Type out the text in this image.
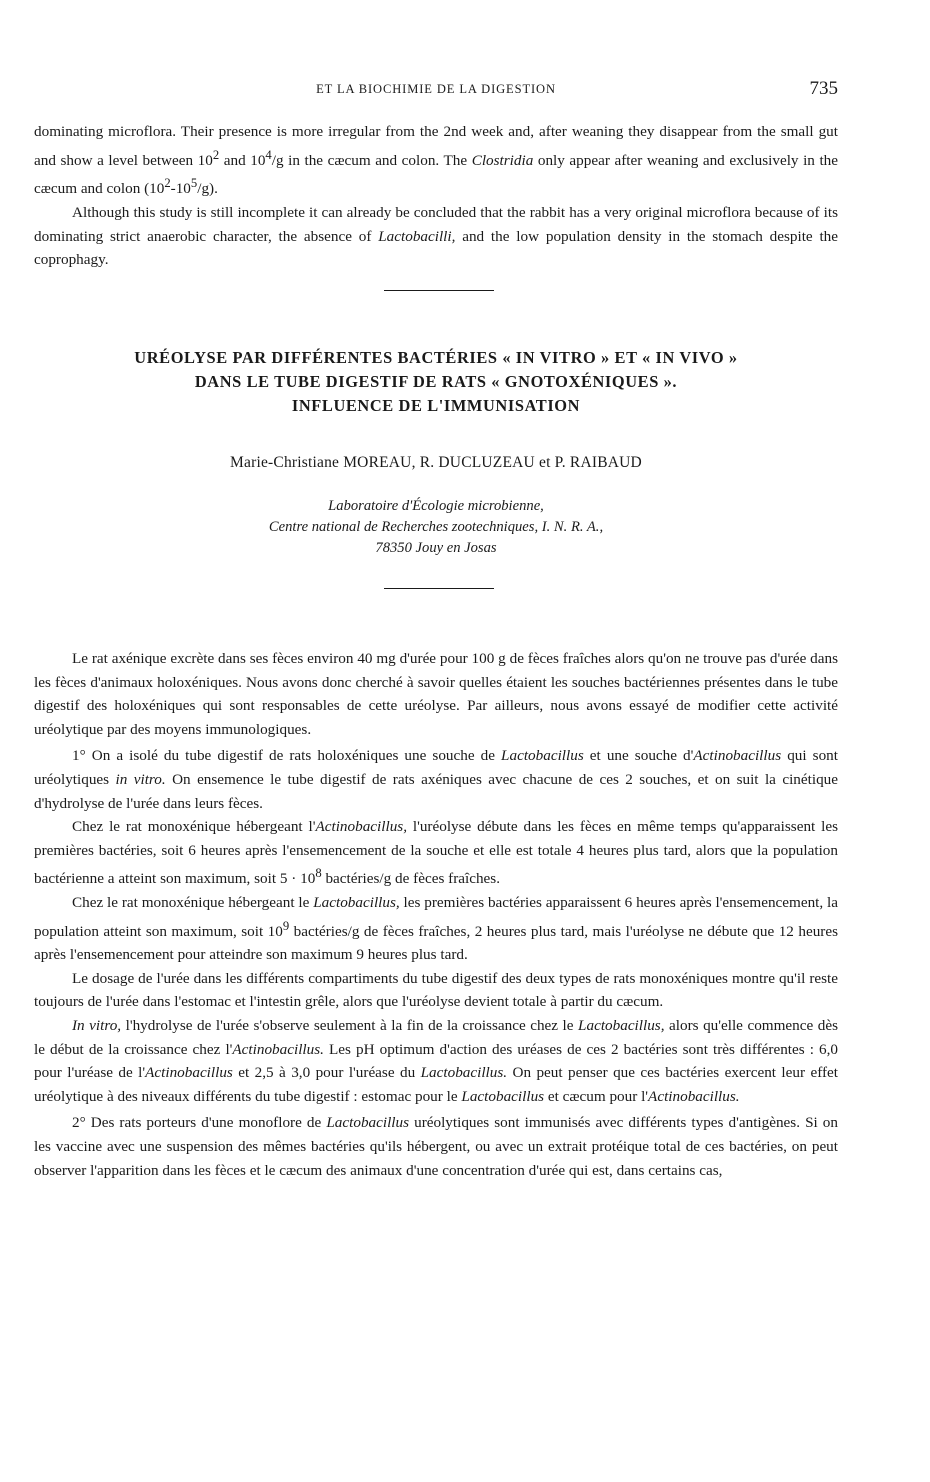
ET LA BIOCHIMIE DE LA DIGESTION	735

dominating microflora. Their presence is more irregular from the 2nd week and, after weaning they disappear from the small gut and show a level between $10^2$ and $10^4/g$ in the cæcum and colon. The Clostridia only appear after weaning and exclusively in the cæcum and colon $(10^2-10^5/g)$.

Although this study is still incomplete it can already be concluded that the rabbit has a very original microflora because of its dominating strict anaerobic character, the absence of Lactobacilli, and the low population density in the stomach despite the coprophagy.

URÉOLYSE PAR DIFFÉRENTES BACTÉRIES « IN VITRO » ET « IN VIVO »
DANS LE TUBE DIGESTIF DE RATS « GNOTOXÉNIQUES ».
INFLUENCE DE L'IMMUNISATION
Marie-Christiane MOREAU, R. DUCLUZEAU et P. RAIBAUD
Laboratoire d'Écologie microbienne,
Centre national de Recherches zootechniques, I. N. R. A.,
78350 Jouy en Josas

Le rat axénique excrète dans ses fèces environ 40 mg d'urée pour 100 g de fèces fraîches alors qu'on ne trouve pas d'urée dans les fèces d'animaux holoxéniques. Nous avons donc cherché à savoir quelles étaient les souches bactériennes présentes dans le tube digestif des holoxéniques qui sont responsables de cette uréolyse. Par ailleurs, nous avons essayé de modifier cette activité uréolytique par des moyens immunologiques.

1° On a isolé du tube digestif de rats holoxéniques une souche de Lactobacillus et une souche d'Actinobacillus qui sont uréolytiques in vitro. On ensemence le tube digestif de rats axéniques avec chacune de ces 2 souches, et on suit la cinétique d'hydrolyse de l'urée dans leurs fèces.

Chez le rat monoxénique hébergeant l'Actinobacillus, l'uréolyse débute dans les fèces en même temps qu'apparaissent les premières bactéries, soit 6 heures après l'ensemencement de la souche et elle est totale 4 heures plus tard, alors que la population bactérienne a atteint son maximum, soit $5 \cdot 10^8$ bactéries/g de fèces fraîches.

Chez le rat monoxénique hébergeant le Lactobacillus, les premières bactéries apparaissent 6 heures après l'ensemencement, la population atteint son maximum, soit $10^9$ bactéries/g de fèces fraîches, 2 heures plus tard, mais l'uréolyse ne débute que 12 heures après l'ensemencement pour atteindre son maximum 9 heures plus tard.

Le dosage de l'urée dans les différents compartiments du tube digestif des deux types de rats monoxéniques montre qu'il reste toujours de l'urée dans l'estomac et l'intestin grêle, alors que l'uréolyse devient totale à partir du cæcum.

In vitro, l'hydrolyse de l'urée s'observe seulement à la fin de la croissance chez le Lactobacillus, alors qu'elle commence dès le début de la croissance chez l'Actinobacillus. Les pH optimum d'action des uréases de ces 2 bactéries sont très différentes : 6,0 pour l'uréase de l'Actinobacillus et 2,5 à 3,0 pour l'uréase du Lactobacillus. On peut penser que ces bactéries exercent leur effet uréolytique à des niveaux différents du tube digestif : estomac pour le Lactobacillus et cæcum pour l'Actinobacillus.

2° Des rats porteurs d'une monoflore de Lactobacillus uréolytiques sont immunisés avec différents types d'antigènes. Si on les vaccine avec une suspension des mêmes bactéries qu'ils hébergent, ou avec un extrait protéique total de ces bactéries, on peut observer l'apparition dans les fèces et le cæcum des animaux d'une concentration d'urée qui est, dans certains cas,
